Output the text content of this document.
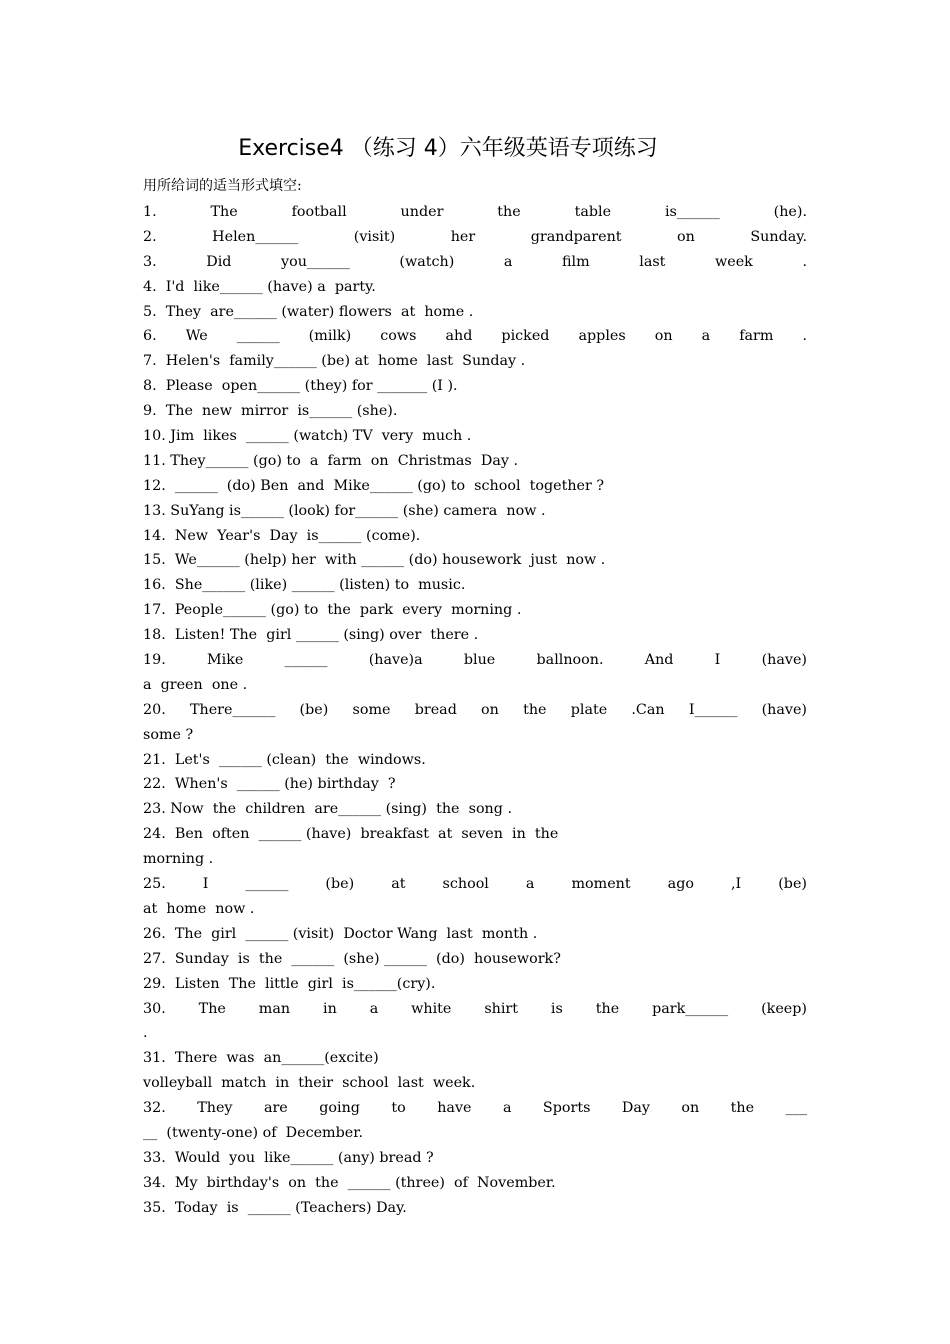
Exercise4 （练习 4）六年级英语专项练习
用所给词的适当形式填空:
1. The football under the table is______ (he).
2. Helen______ (visit) her grandparent on Sunday.
3. Did you______ (watch) a film last week .
4.  I'd  like______ (have) a  party.
5.  They  are______ (water) flowers  at  home .
6. We ______ (milk) cows ahd picked apples on a farm .
7.  Helen's  family______ (be) at  home  last  Sunday .
8.  Please  open______ (they) for _______ (I ).
9.  The  new  mirror  is______ (she).
10. Jim  likes  ______ (watch) TV  very  much .
11. They______ (go) to  a  farm  on  Christmas  Day .
12.  ______  (do) Ben  and  Mike______ (go) to  school  together ?
13. SuYang is______ (look) for______ (she) camera  now .
14.  New  Year's  Day  is______ (come).
15.  We______ (help) her  with ______ (do) housework  just  now .
16.  She______ (like) ______ (listen) to  music.
17.  People______ (go) to  the  park  every  morning .
18.  Listen! The  girl ______ (sing) over  there .
19. Mike ______ (have)a blue ballnoon. And I (have)
a  green  one .
20. There______ (be) some bread on the plate .Can I______ (have)
some ?
21.  Let's  ______ (clean)  the  windows.
22.  When's  ______ (he) birthday  ?
23. Now  the  children  are______ (sing)  the  song .
24.  Ben  often  ______ (have)  breakfast  at  seven  in  the
morning .
25. I ______ (be) at school a moment ago ,I (be)
at  home  now .
26.  The  girl  ______ (visit)  Doctor Wang  last  month .
27.  Sunday  is  the  ______  (she) ______  (do)  housework?
29.  Listen  The  little  girl  is______(cry).
30. The man in a white shirt is the park______ (keep)
.
31.  There  was  an______(excite)
volleyball  match  in  their  school  last  week.
32. They are going to have a Sports Day on the ___
__  (twenty-one) of  December.
33.  Would  you  like______ (any) bread ?
34.  My  birthday's  on  the  ______ (three)  of  November.
35.  Today  is  ______ (Teachers) Day.
